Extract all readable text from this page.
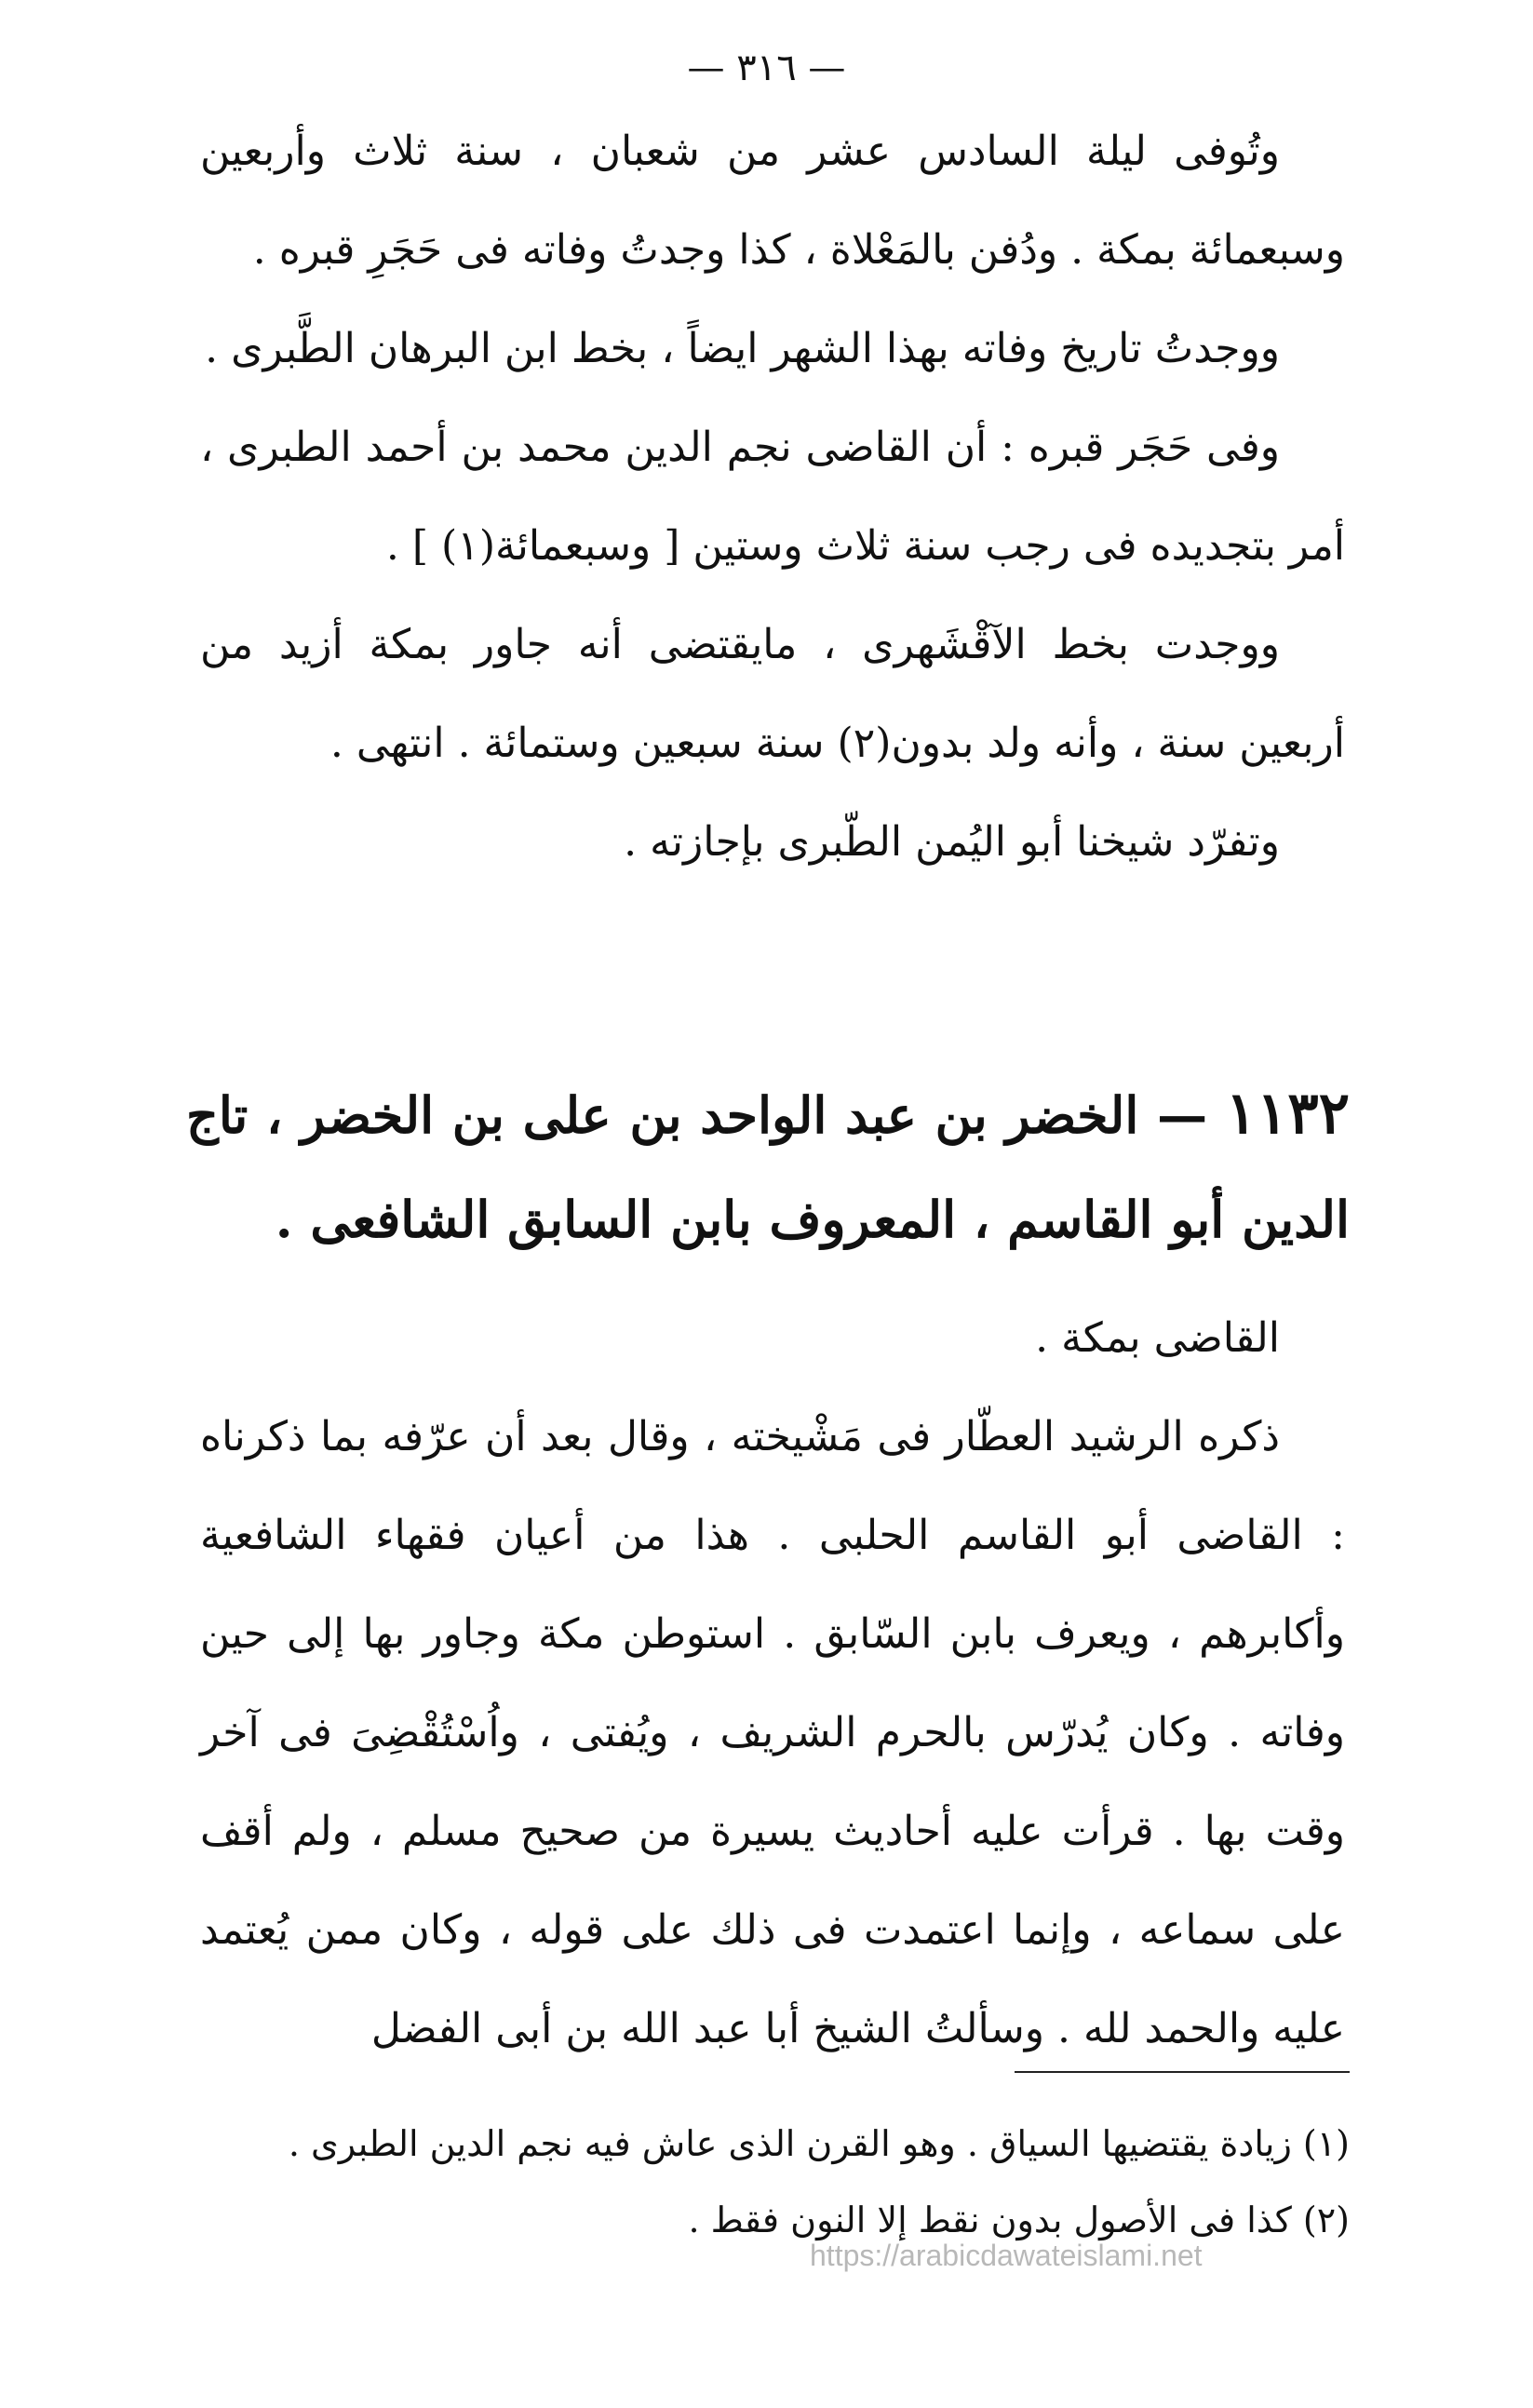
— ٣١٦ —

وتُوفى ليلة السادس عشر من شعبان ، سنة ثلاث وأربعين وسبعمائة بمكة . ودُفن بالمَعْلاة ، كذا وجدتُ وفاته فى حَجَرِ قبره .

ووجدتُ تاريخ وفاته بهذا الشهر ايضاً ، بخط ابن البرهان الطَّبرى .

وفى حَجَر قبره : أن القاضى نجم الدين محمد بن أحمد الطبرى ، أمر بتجديده فى رجب سنة ثلاث وستين [ وسبعمائة(١) ] .

ووجدت بخط الآقْشَهرى ، مايقتضى أنه جاور بمكة أزيد من أربعين سنة ، وأنه ولد بدون(٢) سنة سبعين وستمائة . انتهى .

وتفرّد شيخنا أبو اليُمن الطّبرى بإجازته .

١١٣٢ — الخضر بن عبد الواحد بن على بن الخضر ، تاج الدين أبو القاسم ، المعروف بابن السابق الشافعى .

القاضى بمكة .

ذكره الرشيد العطّار فى مَشْيخته ، وقال بعد أن عرّفه بما ذكرناه : القاضى أبو القاسم الحلبى . هذا من أعيان فقهاء الشافعية وأكابرهم ، ويعرف بابن السّابق . استوطن مكة وجاور بها إلى حين وفاته . وكان يُدرّس بالحرم الشريف ، ويُفتى ، واُسْتُقْضِىَ فى آخر وقت بها . قرأت عليه أحاديث يسيرة من صحيح مسلم ، ولم أقف على سماعه ، وإنما اعتمدت فى ذلك على قوله ، وكان ممن يُعتمد عليه والحمد لله . وسألتُ الشيخ أبا عبد الله بن أبى الفضل

(١) زيادة يقتضيها السياق . وهو القرن الذى عاش فيه نجم الدين الطبرى .

(٢) كذا فى الأصول بدون نقط إلا النون فقط .

https://arabicdawateislami.net
